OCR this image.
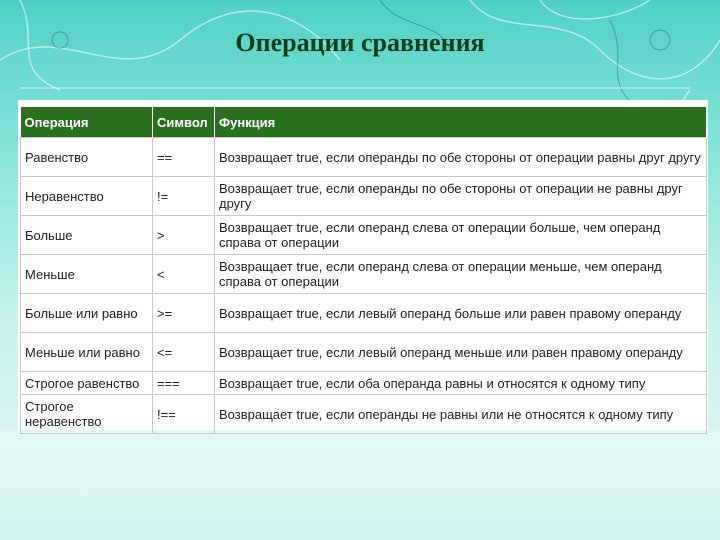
Операции сравнения
Операция	Символ	Функция
Равенство	==	Возвращает true, если операнды по обе стороны от операции равны друг другу
Неравенство	!=	Возвращает true, если операнды по обе стороны от операции не равны друг другу
Больше	>	Возвращает true, если операнд слева от операции больше, чем операнд справа от операции
Меньше	<	Возвращает true, если операнд слева от операции меньше, чем операнд справа от операции
Больше или равно	>=	Возвращает true, если левый операнд больше или равен правому операнду
Меньше или равно	<=	Возвращает true, если левый операнд меньше или равен правому операнду
Строгое равенство	===	Возвращает true, если оба операнда равны и относятся к одному типу
Строгое неравенство	!==	Возвращает true, если операнды не равны или не относятся к одному типу
